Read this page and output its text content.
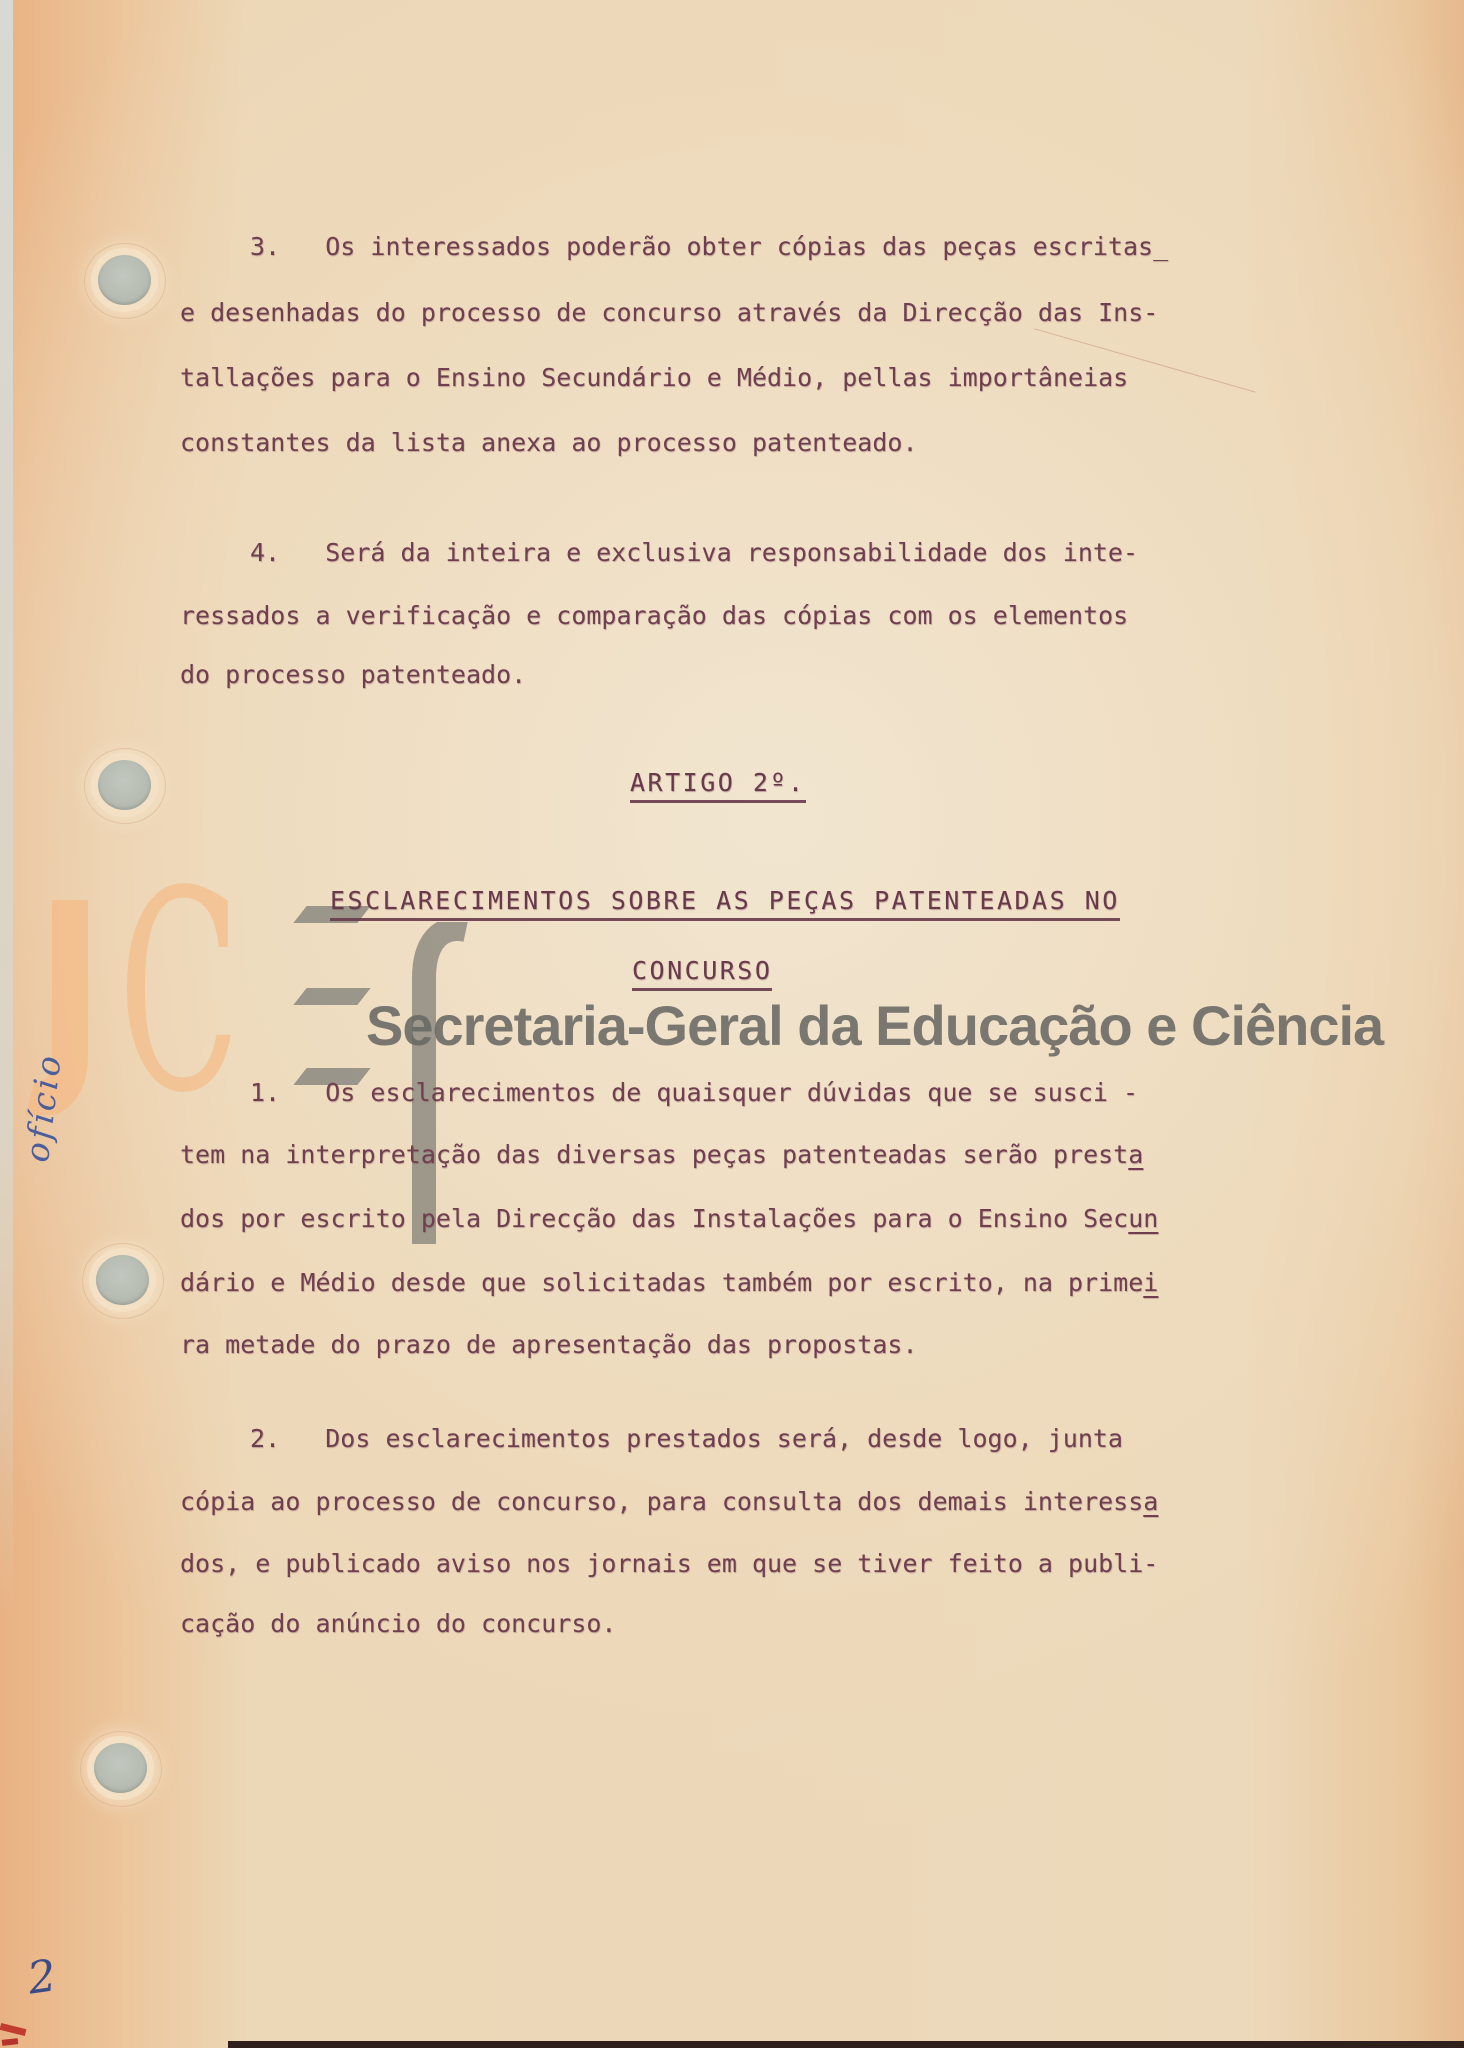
C Secretaria-Geral da Educação e Ciência
3.   Os interessados poderão obter cópias das peças escritas_
e desenhadas do processo de concurso através da Direcção das Ins-
tallações para o Ensino Secundário e Médio, pellas importâneias
constantes da lista anexa ao processo patenteado.
4.   Será da inteira e exclusiva responsabilidade dos inte-
ressados a verificação e comparação das cópias com os elementos
do processo patenteado.
ARTIGO 2º.
ESCLARECIMENTOS SOBRE AS PEÇAS PATENTEADAS NO
CONCURSO
1.   Os esclarecimentos de quaisquer dúvidas que se susci -
tem na interpretação das diversas peças patenteadas serão presta
dos por escrito pela Direcção das Instalações para o Ensino Secun
dário e Médio desde que solicitadas também por escrito, na primei
ra metade do prazo de apresentação das propostas.
2.   Dos esclarecimentos prestados será, desde logo, junta
cópia ao processo de concurso, para consulta dos demais interessa
dos, e publicado aviso nos jornais em que se tiver feito a publi-
cação do anúncio do concurso.
ofício
2
